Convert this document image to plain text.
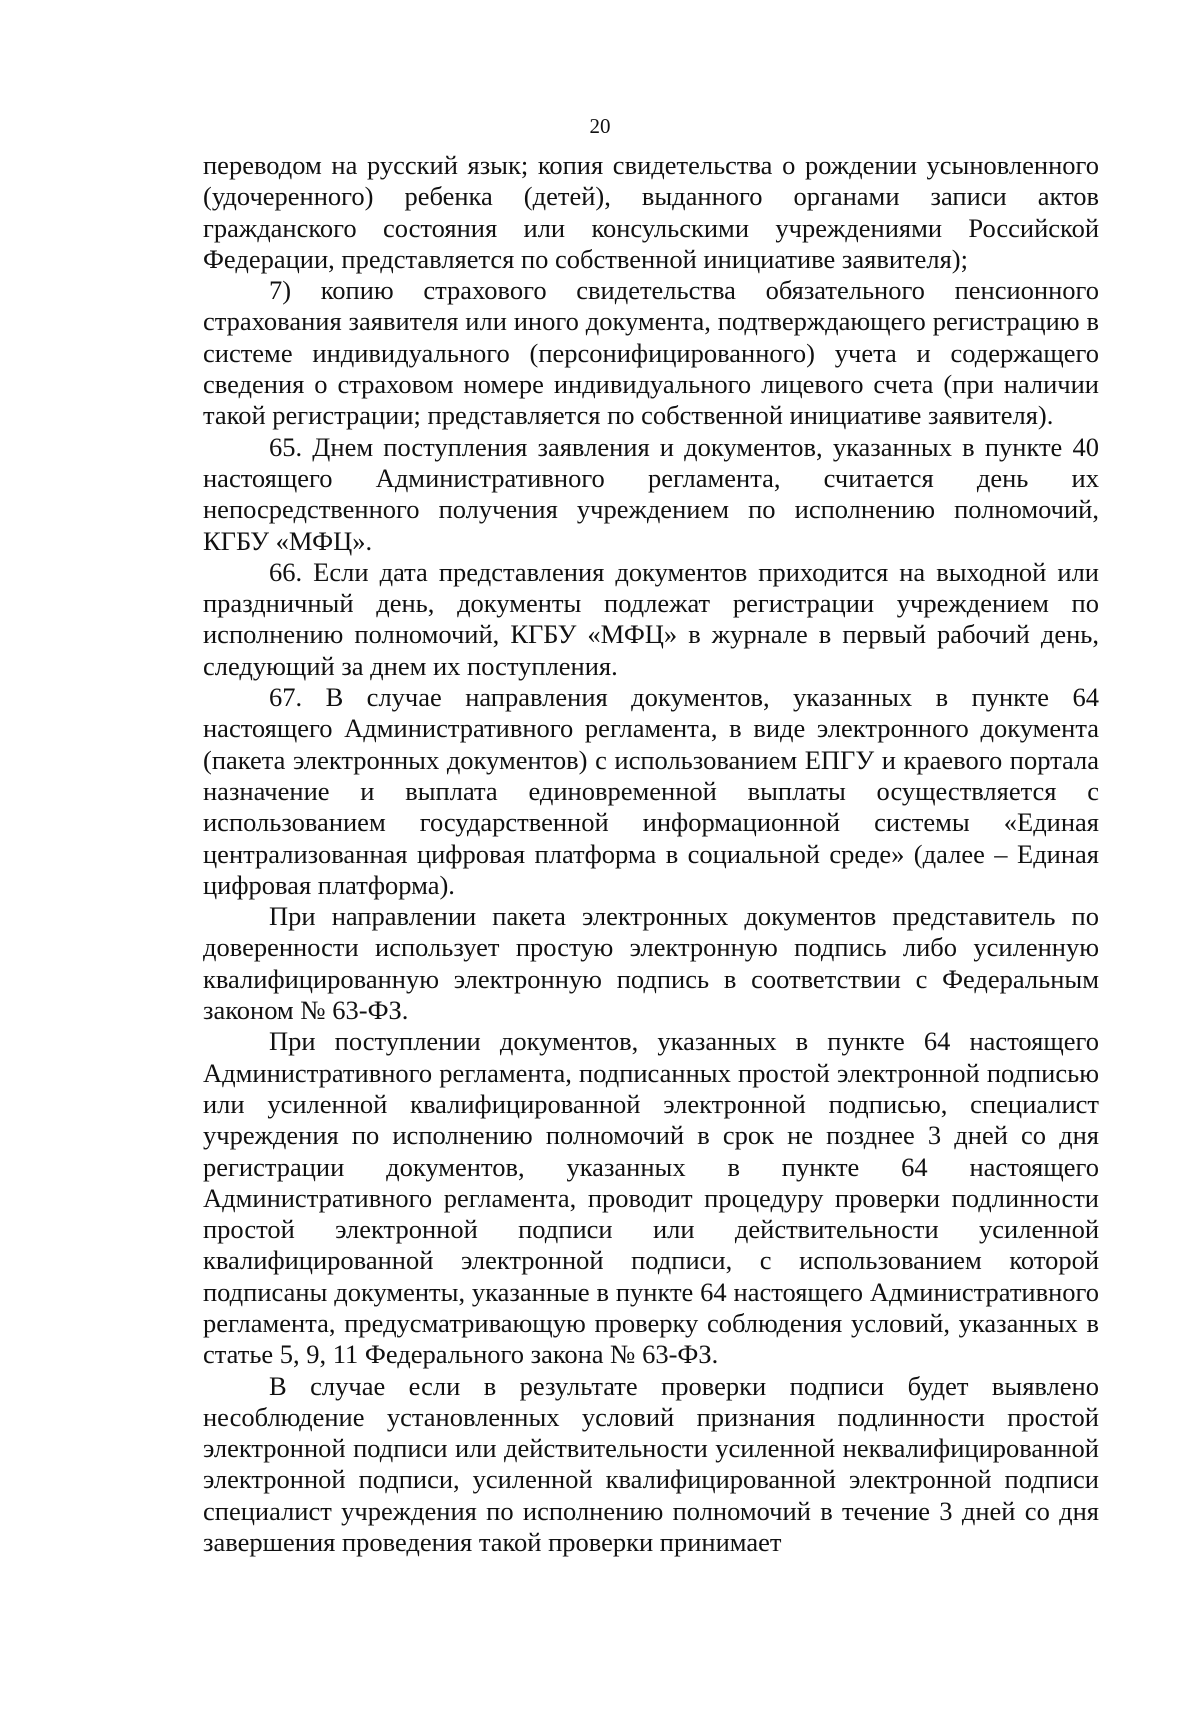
20

переводом на русский язык; копия свидетельства о рождении усыновленного (удочеренного) ребенка (детей), выданного органами записи актов гражданского состояния или консульскими учреждениями Российской Федерации, представляется по собственной инициативе заявителя);

7) копию страхового свидетельства обязательного пенсионного страхования заявителя или иного документа, подтверждающего регистрацию в системе индивидуального (персонифицированного) учета и содержащего сведения о страховом номере индивидуального лицевого счета (при наличии такой регистрации; представляется по собственной инициативе заявителя).

65. Днем поступления заявления и документов, указанных в пункте 40 настоящего Административного регламента, считается день их непосредственного получения учреждением по исполнению полномочий, КГБУ «МФЦ».

66. Если дата представления документов приходится на выходной или праздничный день, документы подлежат регистрации учреждением по исполнению полномочий, КГБУ «МФЦ» в журнале в первый рабочий день, следующий за днем их поступления.

67. В случае направления документов, указанных в пункте 64 настоящего Административного регламента, в виде электронного документа (пакета электронных документов) с использованием ЕПГУ и краевого портала назначение и выплата единовременной выплаты осуществляется с использованием государственной информационной системы «Единая централизованная цифровая платформа в социальной среде» (далее – Единая цифровая платформа).

При направлении пакета электронных документов представитель по доверенности использует простую электронную подпись либо усиленную квалифицированную электронную подпись в соответствии с Федеральным законом № 63-ФЗ.

При поступлении документов, указанных в пункте 64 настоящего Административного регламента, подписанных простой электронной подписью или усиленной квалифицированной электронной подписью, специалист учреждения по исполнению полномочий в срок не позднее 3 дней со дня регистрации документов, указанных в пункте 64 настоящего Административного регламента, проводит процедуру проверки подлинности простой электронной подписи или действительности усиленной квалифицированной электронной подписи, с использованием которой подписаны документы, указанные в пункте 64 настоящего Административного регламента, предусматривающую проверку соблюдения условий, указанных в статье 5, 9, 11 Федерального закона № 63-ФЗ.

В случае если в результате проверки подписи будет выявлено несоблюдение установленных условий признания подлинности простой электронной подписи или действительности усиленной неквалифицированной электронной подписи, усиленной квалифицированной электронной подписи специалист учреждения по исполнению полномочий в течение 3 дней со дня завершения проведения такой проверки принимает
